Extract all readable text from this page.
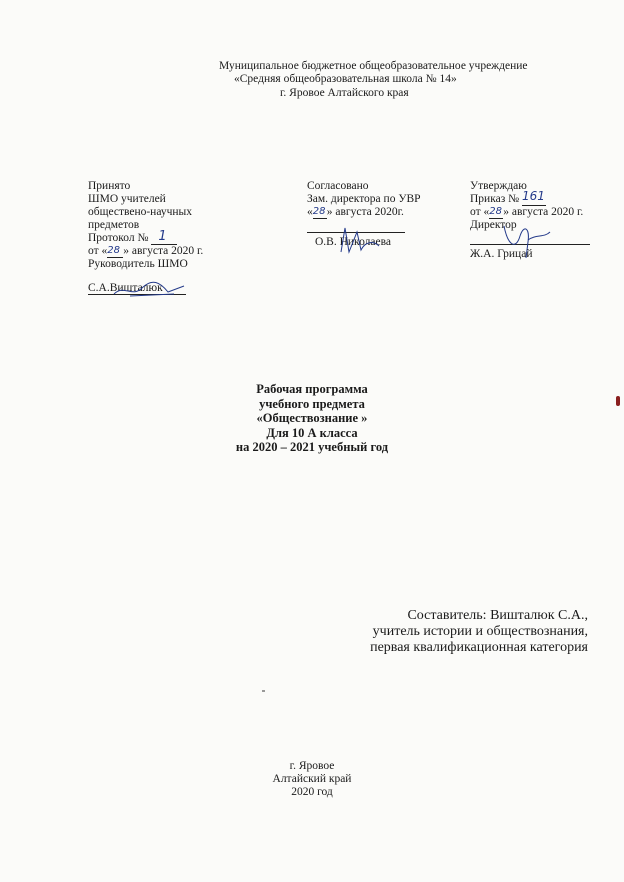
Муниципальное бюджетное общеобразовательное учреждение
«Средняя общеобразовательная школа № 14»
г. Яровое Алтайского края
Принято
ШМО учителей
обществено-научных
предметов
Протокол № 1
от « 28 » августа 2020 г.
Руководитель ШМО
С.А.Вишталюк
Согласовано
Зам. директора по УВР
« 28 » августа 2020г.
О.В. Николаева
Утверждаю
Приказ № 161
от « 28 » августа 2020 г.
Директор
Ж.А. Грицай
Рабочая программа
учебного предмета
«Обществознание »
Для 10 А класса
на 2020 – 2021 учебный год
Составитель: Вишталюк С.А.,
учитель истории и обществознания,
первая квалификационная категория
г. Яровое
Алтайский край
2020 год
